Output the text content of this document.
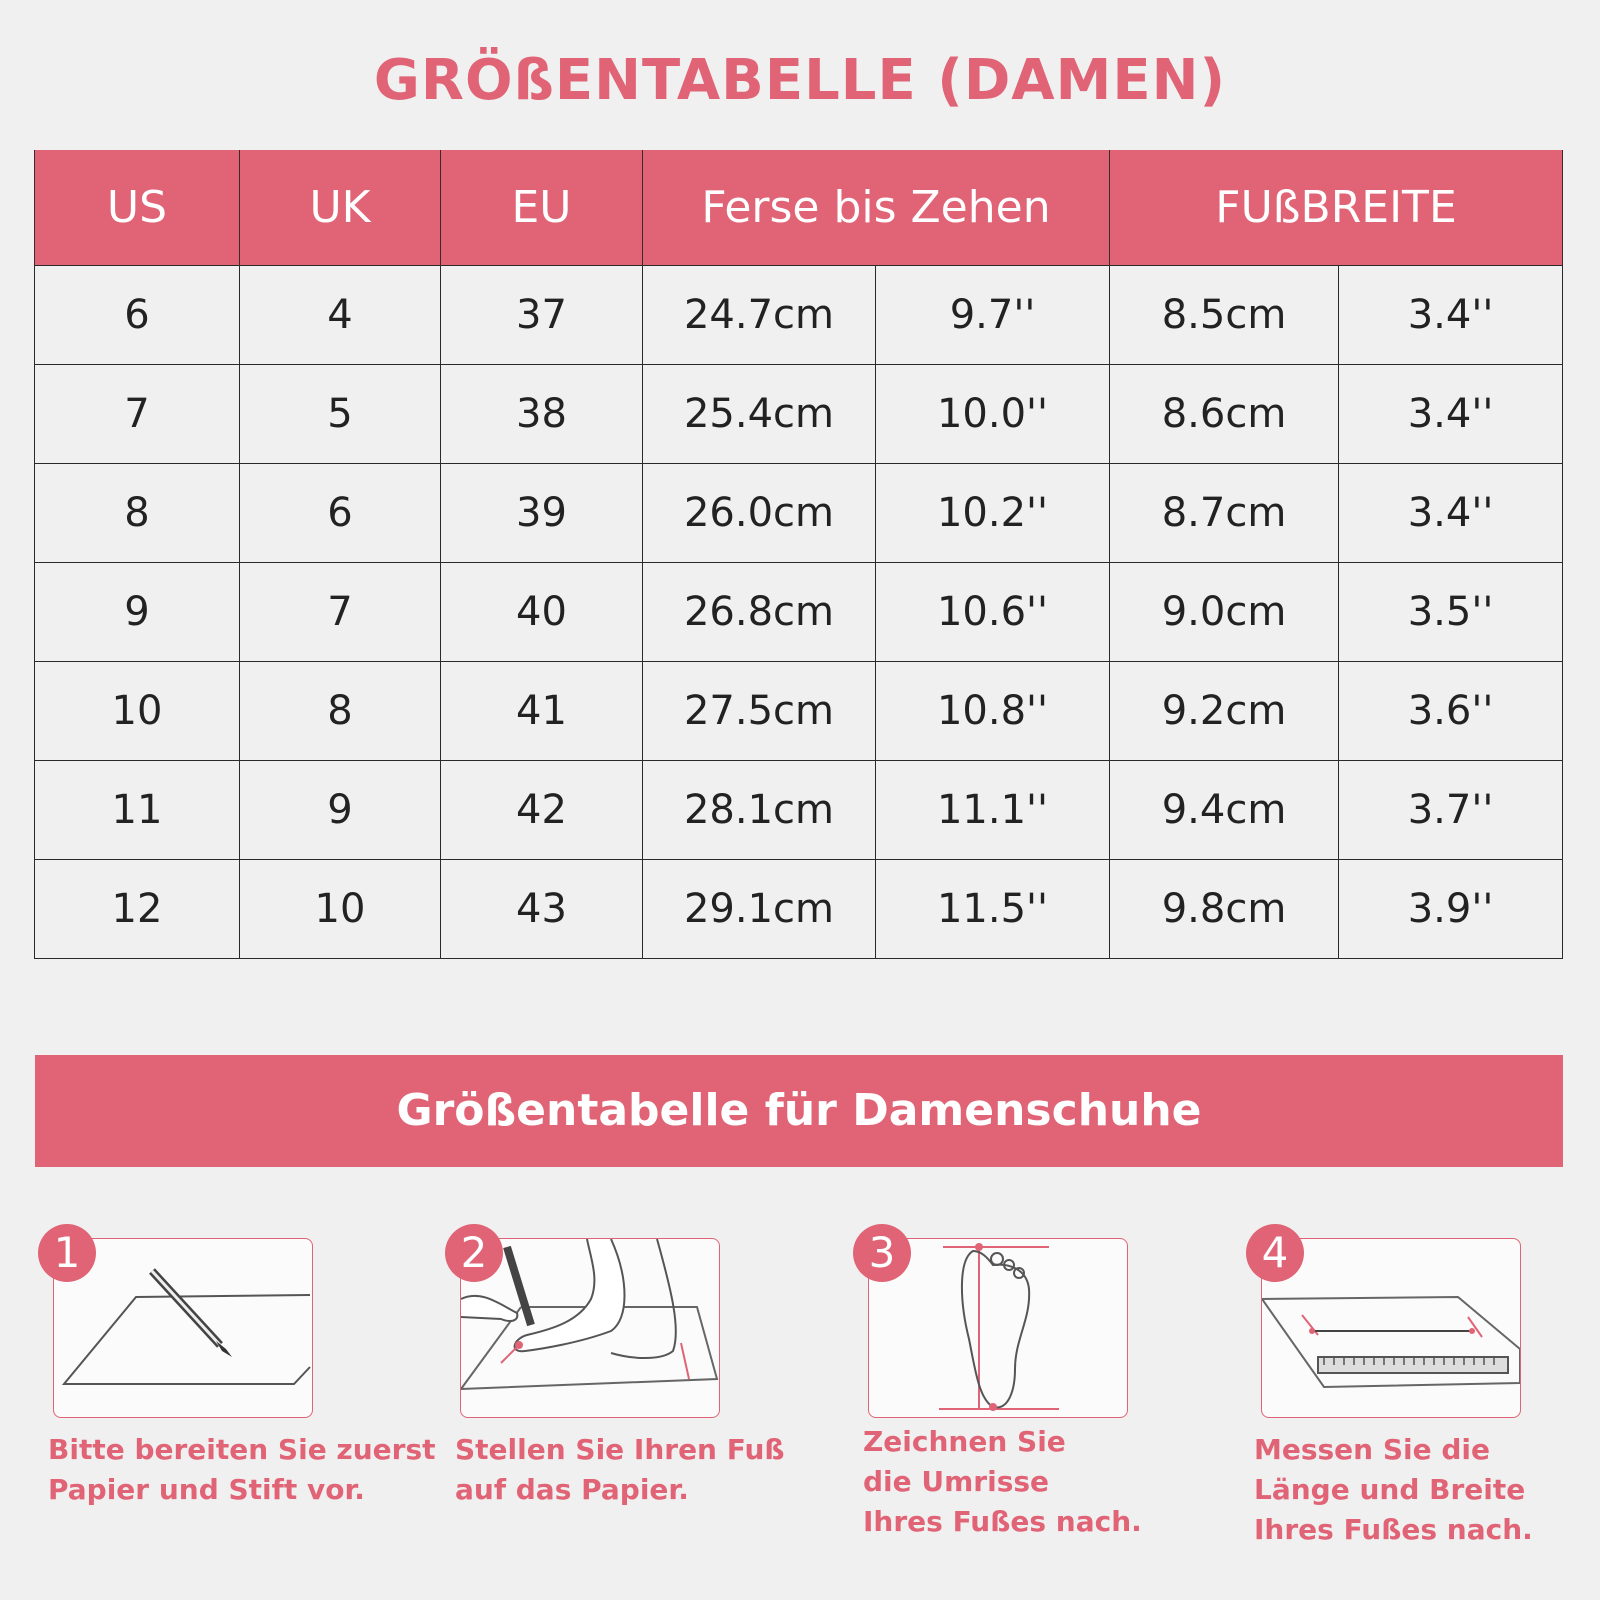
GRÖßENTABELLE (DAMEN)
US	UK	EU	Ferse bis Zehen		FUßBREITE	
6	4	37	24.7cm	9.7''	8.5cm	3.4''
7	5	38	25.4cm	10.0''	8.6cm	3.4''
8	6	39	26.0cm	10.2''	8.7cm	3.4''
9	7	40	26.8cm	10.6''	9.0cm	3.5''
10	8	41	27.5cm	10.8''	9.2cm	3.6''
11	9	42	28.1cm	11.1''	9.4cm	3.7''
12	10	43	29.1cm	11.5''	9.8cm	3.9''
Größentabelle für Damenschuhe
1
Bitte bereiten Sie zuerst
Papier und Stift vor.
2
Stellen Sie Ihren Fuß
auf das Papier.
3
Zeichnen Sie
die Umrisse
Ihres Fußes nach.
4
Messen Sie die
Länge und Breite
Ihres Fußes nach.
